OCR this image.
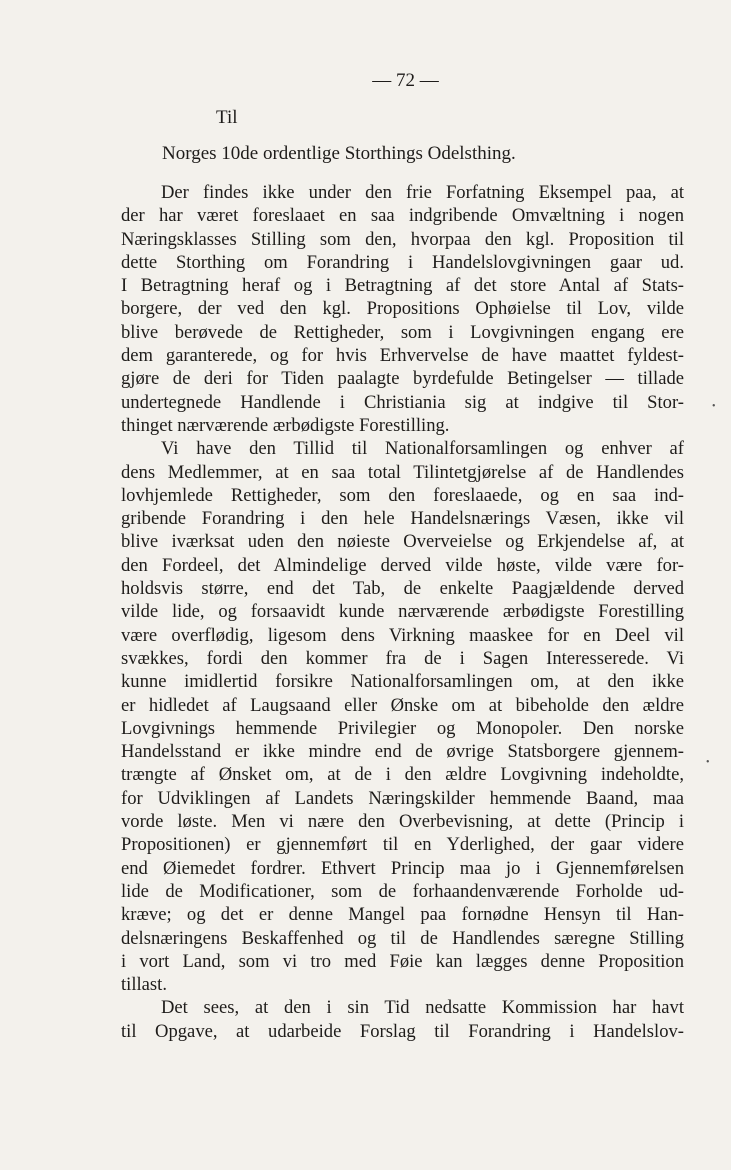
— 72 —
Til
Norges 10de ordentlige Storthings Odelsthing.
Der findes ikke under den frie Forfatning Eksempel paa, at
der har været foreslaaet en saa indgribende Omvæltning i nogen
Næringsklasses Stilling som den, hvorpaa den kgl. Proposition til
dette Storthing om Forandring i Handelslovgivningen gaar ud.
I Betragtning heraf og i Betragtning af det store Antal af Stats-
borgere, der ved den kgl. Propositions Ophøielse til Lov, vilde
blive berøvede de Rettigheder, som i Lovgivningen engang ere
dem garanterede, og for hvis Erhvervelse de have maattet fyldest-
gjøre de deri for Tiden paalagte byrdefulde Betingelser — tillade
undertegnede Handlende i Christiania sig at indgive til Stor-
thinget nærværende ærbødigste Forestilling.
Vi have den Tillid til Nationalforsamlingen og enhver af
dens Medlemmer, at en saa total Tilintetgjørelse af de Handlendes
lovhjemlede Rettigheder, som den foreslaaede, og en saa ind-
gribende Forandring i den hele Handelsnærings Væsen, ikke vil
blive iværksat uden den nøieste Overveielse og Erkjendelse af, at
den Fordeel, det Almindelige derved vilde høste, vilde være for-
holdsvis større, end det Tab, de enkelte Paagjældende derved
vilde lide, og forsaavidt kunde nærværende ærbødigste Forestilling
være overflødig, ligesom dens Virkning maaskee for en Deel vil
svækkes, fordi den kommer fra de i Sagen Interesserede. Vi
kunne imidlertid forsikre Nationalforsamlingen om, at den ikke
er hidledet af Laugsaand eller Ønske om at bibeholde den ældre
Lovgivnings hemmende Privilegier og Monopoler. Den norske
Handelsstand er ikke mindre end de øvrige Statsborgere gjennem-
trængte af Ønsket om, at de i den ældre Lovgivning indeholdte,
for Udviklingen af Landets Næringskilder hemmende Baand, maa
vorde løste. Men vi nære den Overbevisning, at dette (Princip i
Propositionen) er gjennemført til en Yderlighed, der gaar videre
end Øiemedet fordrer. Ethvert Princip maa jo i Gjennemførelsen
lide de Modificationer, som de forhaandenværende Forholde ud-
kræve; og det er denne Mangel paa fornødne Hensyn til Han-
delsnæringens Beskaffenhed og til de Handlendes særegne Stilling
i vort Land, som vi tro med Føie kan lægges denne Proposition
tillast.
Det sees, at den i sin Tid nedsatte Kommission har havt
til Opgave, at udarbeide Forslag til Forandring i Handelslov-
•
•
